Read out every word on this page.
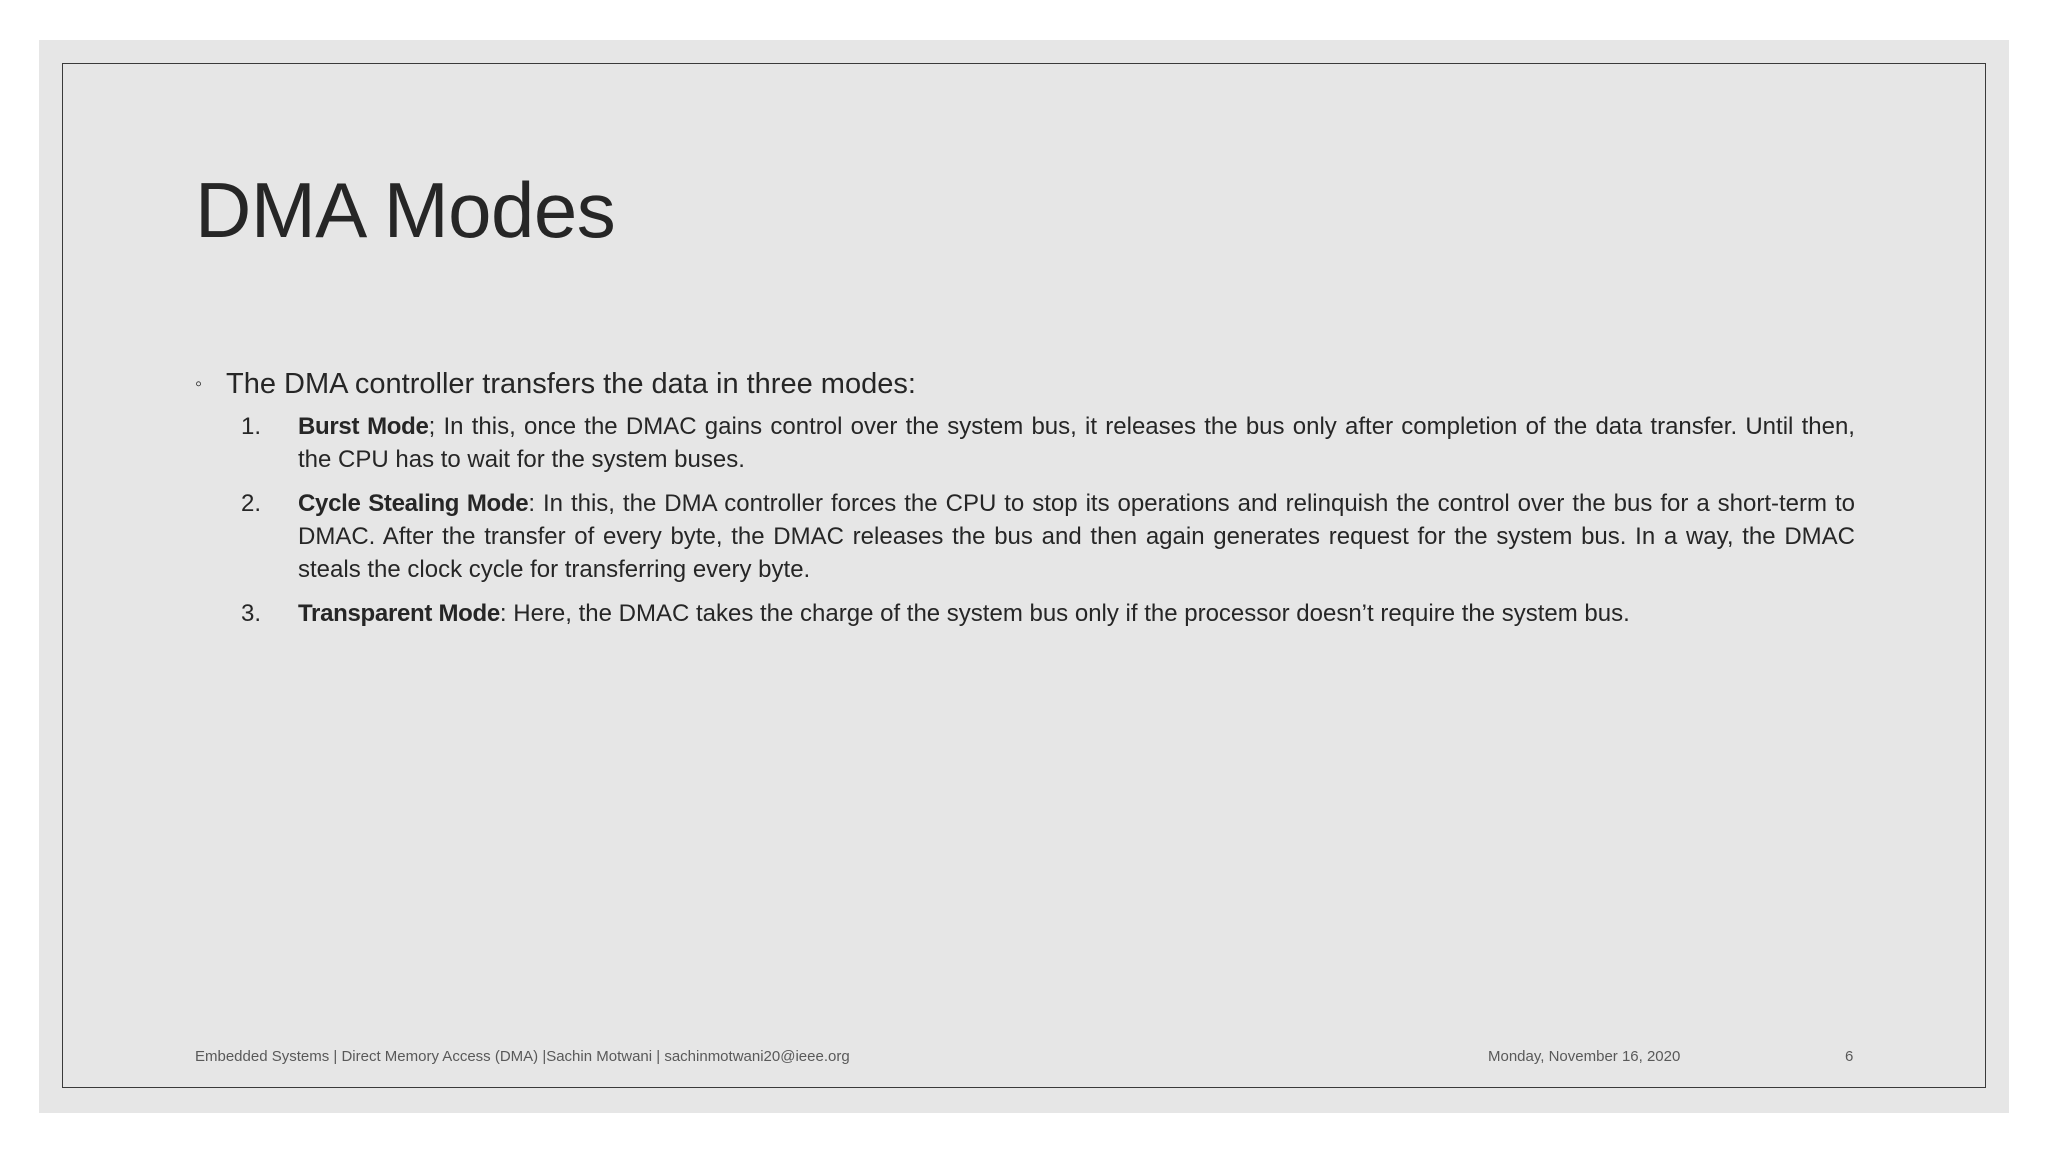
DMA Modes

◦ The DMA controller transfers the data in three modes:

1. Burst Mode; In this, once the DMAC gains control over the system bus, it releases the bus only after completion of the data transfer. Until then, the CPU has to wait for the system buses.
2. Cycle Stealing Mode: In this, the DMA controller forces the CPU to stop its operations and relinquish the control over the bus for a short-term to DMAC. After the transfer of every byte, the DMAC releases the bus and then again generates request for the system bus. In a way, the DMAC steals the clock cycle for transferring every byte.
3. Transparent Mode: Here, the DMAC takes the charge of the system bus only if the processor doesn’t require the system bus.
Embedded Systems | Direct Memory Access (DMA) |Sachin Motwani | sachinmotwani20@ieee.org	Monday, November 16, 2020	6
